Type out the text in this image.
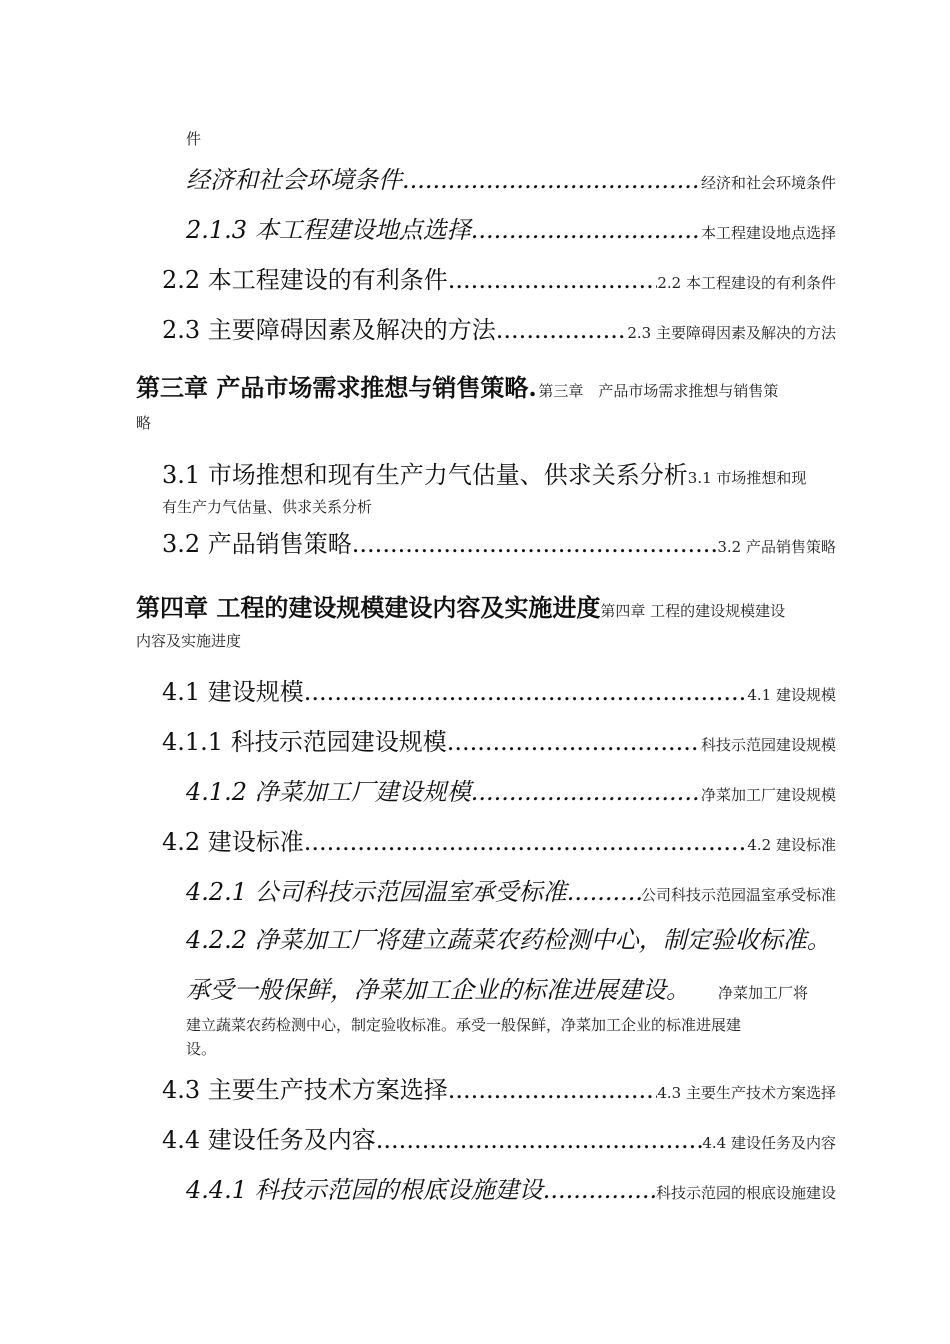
件
经济和社会环境条件 .....	经济和社会环境条件
2.1.3 本工程建设地点选择 .....	本工程建设地点选择
2.2 本工程建设的有利条件 .....	2.2 本工程建设的有利条件
2.3 主要障碍因素及解决的方法 .....	2.3 主要障碍因素及解决的方法
第三章 产品市场需求推想与销售策略 ..... 第三章　产品市场需求推想与销售策
略
3.1 市场推想和现有生产力气估量、供求关系分析 3.1 市场推想和现
有生产力气估量、供求关系分析
3.2 产品销售策略 .....	3.2 产品销售策略
第四章 工程的建设规模建设内容及实施进度 第四章 工程的建设规模建设
内容及实施进度
4.1 建设规模 .....	4.1 建设规模
4.1.1 科技示范园建设规模 .....	科技示范园建设规模
4.1.2 净菜加工厂建设规模 .....	净菜加工厂建设规模
4.2 建设标准 .....	4.2 建设标准
4.2.1 公司科技示范园温室承受标准 .....	公司科技示范园温室承受标准
4.2.2 净菜加工厂将建立蔬菜农药检测中心，制定验收标准。
承受一般保鲜，净菜加工企业的标准进展建设。 净菜加工厂将
建立蔬菜农药检测中心，制定验收标准。承受一般保鲜，净菜加工企业的标准进展建
设。
4.3 主要生产技术方案选择 .....	4.3 主要生产技术方案选择
4.4 建设任务及内容 .....	4.4 建设任务及内容
4.4.1 科技示范园的根底设施建设 .....	科技示范园的根底设施建设
